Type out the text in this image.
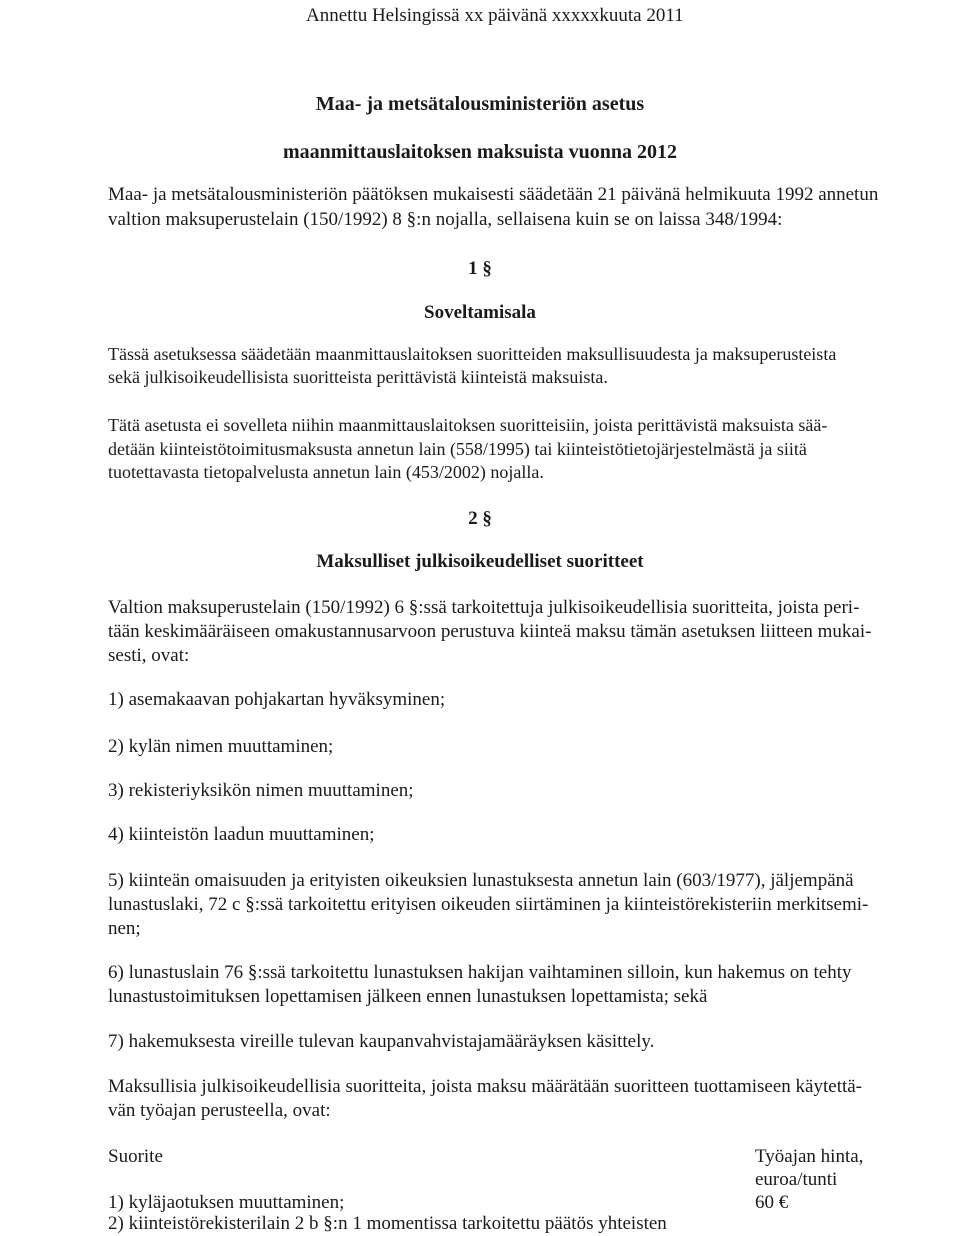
Annettu Helsingissä xx päivänä xxxxxkuuta 2011

Maa- ja metsätalousministeriön asetus

maanmittauslaitoksen maksuista vuonna 2012

Maa- ja metsätalousministeriön päätöksen mukaisesti säädetään 21 päivänä helmikuuta 1992 annetun

valtion maksuperustelain (150/1992) 8 §:n nojalla, sellaisena kuin se on laissa 348/1994:

1 §

Soveltamisala

Tässä asetuksessa säädetään maanmittauslaitoksen suoritteiden maksullisuudesta ja maksuperusteista

sekä julkisoikeudellisista suoritteista perittävistä kiinteistä maksuista.

Tätä asetusta ei sovelleta niihin maanmittauslaitoksen suoritteisiin, joista perittävistä maksuista sää-

detään kiinteistötoimitusmaksusta annetun lain (558/1995) tai kiinteistötietojärjestelmästä ja siitä

tuotettavasta tietopalvelusta annetun lain (453/2002) nojalla.

2 §

Maksulliset julkisoikeudelliset suoritteet

Valtion maksuperustelain (150/1992) 6 §:ssä tarkoitettuja julkisoikeudellisia suoritteita, joista peri-

tään keskimääräiseen omakustannusarvoon perustuva kiinteä maksu tämän asetuksen liitteen mukai-

sesti, ovat:

1) asemakaavan pohjakartan hyväksyminen;

2) kylän nimen muuttaminen;

3) rekisteriyksikön nimen muuttaminen;

4) kiinteistön laadun muuttaminen;

5) kiinteän omaisuuden ja erityisten oikeuksien lunastuksesta annetun lain (603/1977), jäljempänä

lunastuslaki, 72 c §:ssä tarkoitettu erityisen oikeuden siirtäminen ja kiinteistörekisteriin merkitsemi-

nen;

6) lunastuslain 76 §:ssä tarkoitettu lunastuksen hakijan vaihtaminen silloin, kun hakemus on tehty

lunastustoimituksen lopettamisen jälkeen ennen lunastuksen lopettamista; sekä

7) hakemuksesta vireille tulevan kaupanvahvistajamääräyksen käsittely.

Maksullisia julkisoikeudellisia suoritteita, joista maksu määrätään suoritteen tuottamiseen käytettä-

vän työajan perusteella, ovat:

Suorite	Työajan hinta,

euroa/tunti

1) kyläjaotuksen muuttaminen;	60 €

2) kiinteistörekisterilain 2 b §:n 1 momentissa tarkoitettu päätös yhteisten
